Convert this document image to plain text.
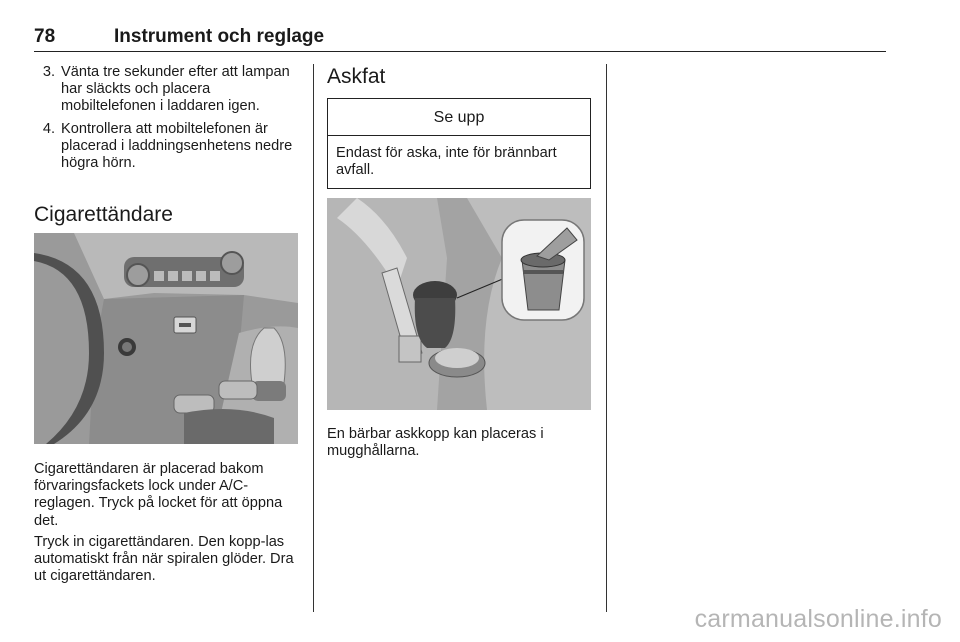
78	Instrument och reglage
3. Vänta tre sekunder efter att lampan har släckts och placera mobiltelefonen i laddaren igen.
4. Kontrollera att mobiltelefonen är placerad i laddningsenhetens nedre högra hörn.
Cigarettändare

Cigarettändaren är placerad bakom förvaringsfackets lock under A/C-reglagen. Tryck på locket för att öppna det.

Tryck in cigarettändaren. Den kopp-las automatiskt från när spiralen glöder. Dra ut cigarettändaren.

Askfat
Se upp
Endast för aska, inte för brännbart avfall.

En bärbar askkopp kan placeras i mugghållarna.

carmanualsonline.info
